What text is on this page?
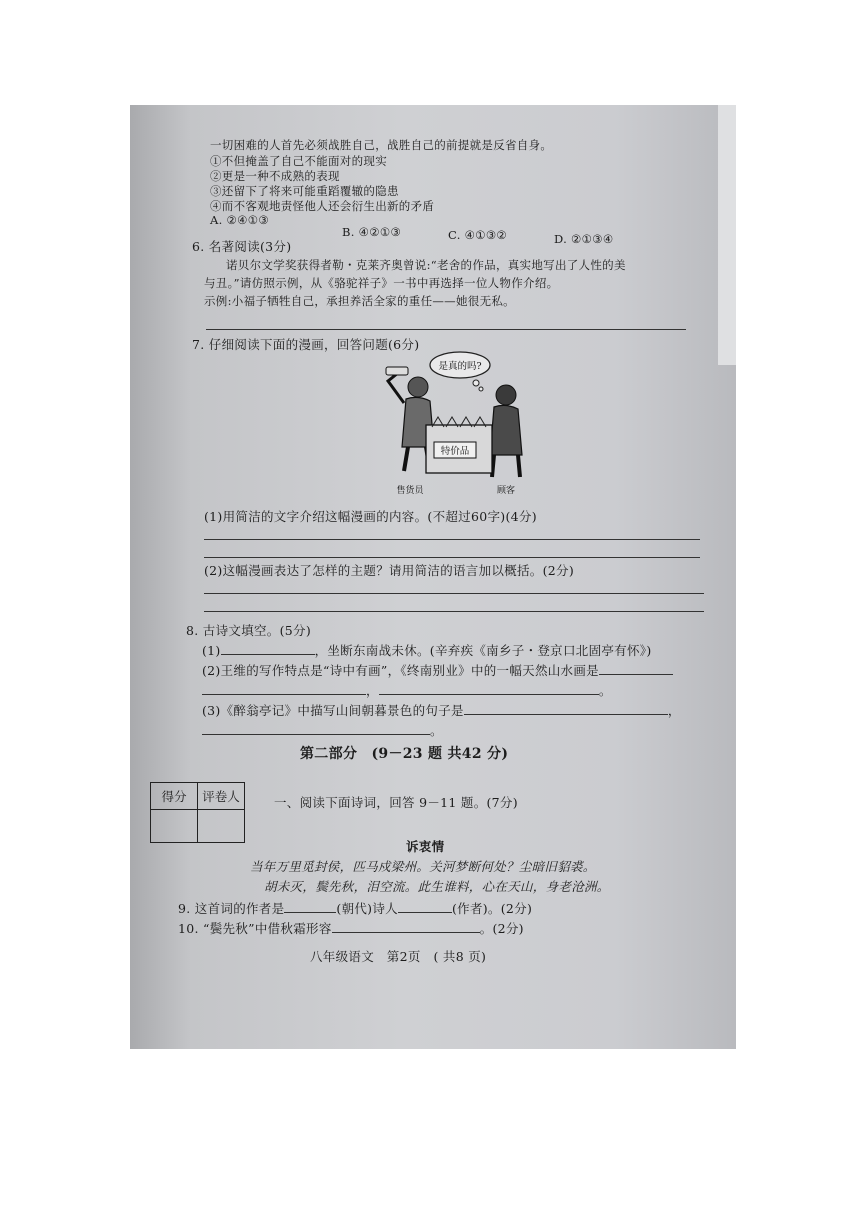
一切困难的人首先必须战胜自己，战胜自己的前提就是反省自身。
①不但掩盖了自己不能面对的现实
②更是一种不成熟的表现
③还留下了将来可能重蹈覆辙的隐患
④而不客观地责怪他人还会衍生出新的矛盾
A. ②④①③
B. ④②①③	C. ④①③②	D. ②①③④
6. 名著阅读(3分)
诺贝尔文学奖获得者勒・克莱齐奥曾说:“老舍的作品，真实地写出了人性的美
与丑。”请仿照示例，从《骆驼祥子》一书中再选择一位人物作介绍。
示例:小福子牺牲自己，承担养活全家的重任——她很无私。
7. 仔细阅读下面的漫画，回答问题(6分)
是真的吗?
特价品
售货员	顾客
(1)用简洁的文字介绍这幅漫画的内容。(不超过60字)(4分)
(2)这幅漫画表达了怎样的主题？请用简洁的语言加以概括。(2分)
8. 古诗文填空。(5分)
(1)	，坐断东南战未休。(辛弃疾《南乡子・登京口北固亭有怀》)
(2)王维的写作特点是“诗中有画”，《终南别业》中的一幅天然山水画是
，	。
(3)《醉翁亭记》中描写山间朝暮景色的句子是	，
。
第二部分　(9－23 题 共42 分)
得分	评卷人
		一、阅读下面诗词，回答 9－11 题。(7分)
诉衷情
当年万里觅封侯，匹马戍梁州。关河梦断何处？尘暗旧貂裘。
胡未灭，鬓先秋，泪空流。此生谁料，心在天山，身老沧洲。
9. 这首词的作者是	(朝代)诗人	(作者)。(2分)
10. “鬓先秋”中借秋霜形容	。(2分)
八年级语文　第2页　( 共8 页)
